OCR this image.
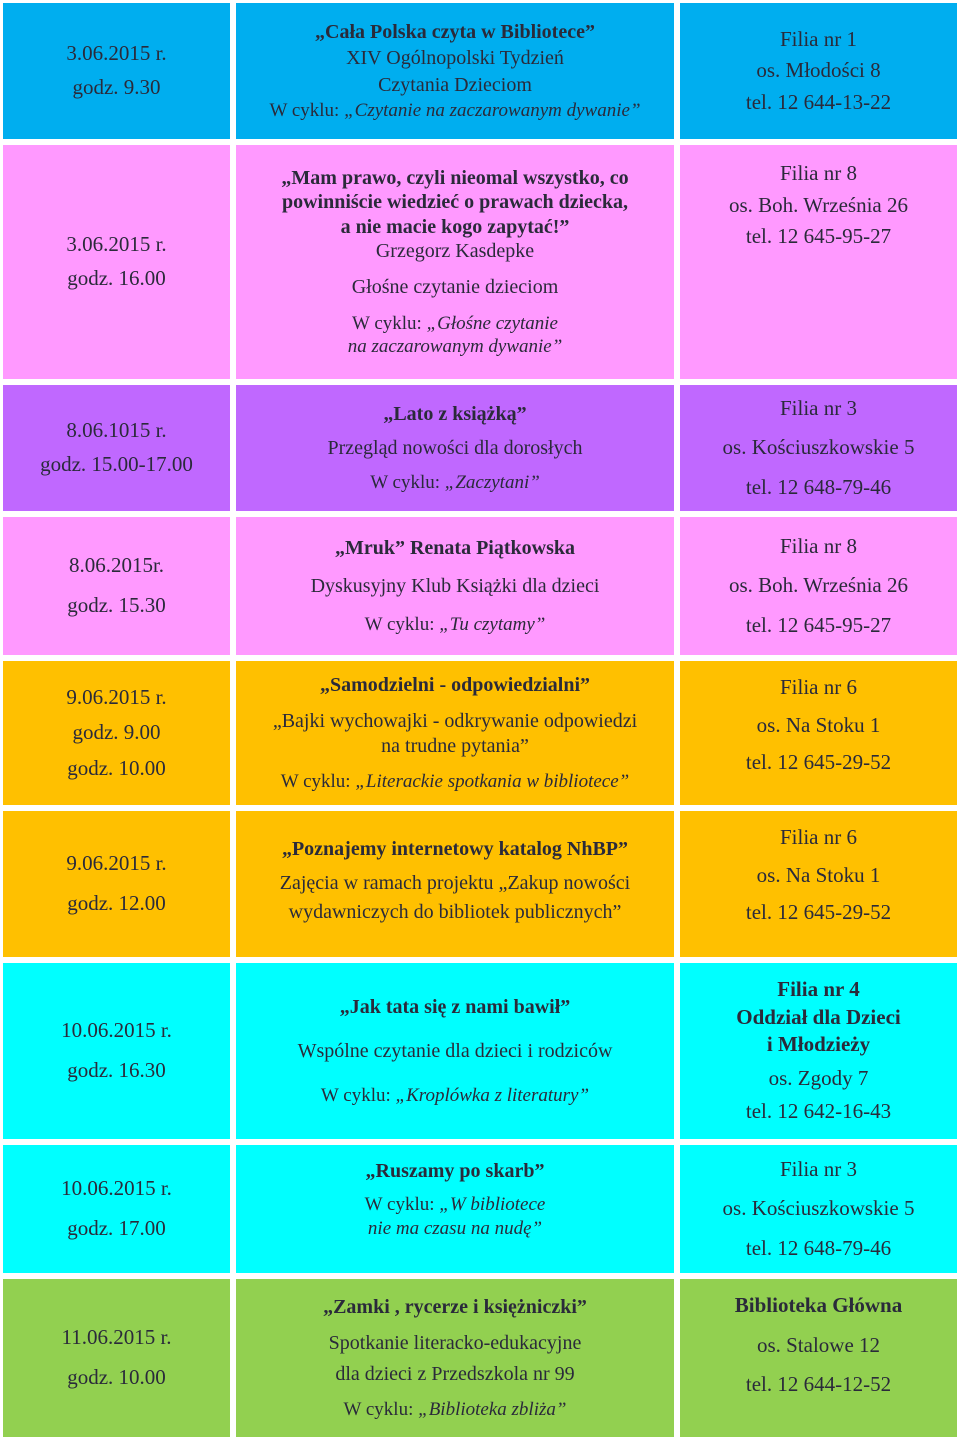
3.06.2015 r.
godz. 9.30
„Cała Polska czyta w Bibliotece”
XIV Ogólnopolski Tydzień
Czytania Dzieciom
W cyklu: „Czytanie na zaczarowanym dywanie”
Filia nr 1
os. Młodości 8
tel. 12 644-13-22
3.06.2015 r.
godz. 16.00
„Mam prawo, czyli nieomal wszystko, co
powinniście wiedzieć o prawach dziecka,
a nie macie kogo zapytać!”
Grzegorz Kasdepke
Głośne czytanie dzieciom
W cyklu: „Głośne czytanie
na zaczarowanym dywanie”
Filia nr 8
os. Boh. Września 26
tel. 12 645-95-27
8.06.1015 r.
godz. 15.00-17.00
„Lato z książką”
Przegląd nowości dla dorosłych
W cyklu: „Zaczytani”
Filia nr 3
os. Kościuszkowskie 5
tel. 12 648-79-46
8.06.2015r.
godz. 15.30
„Mruk” Renata Piątkowska
Dyskusyjny Klub Książki dla dzieci
W cyklu: „Tu czytamy”
Filia nr 8
os. Boh. Września 26
tel. 12 645-95-27
9.06.2015 r.
godz. 9.00
godz. 10.00
„Samodzielni - odpowiedzialni”
„Bajki wychowajki - odkrywanie odpowiedzi
na trudne pytania”
W cyklu: „Literackie spotkania w bibliotece”
Filia nr 6
os. Na Stoku 1
tel. 12 645-29-52
9.06.2015 r.
godz. 12.00
„Poznajemy internetowy katalog NhBP”
Zajęcia w ramach projektu „Zakup nowości
wydawniczych do bibliotek publicznych”
Filia nr 6
os. Na Stoku 1
tel. 12 645-29-52
10.06.2015 r.
godz. 16.30
„Jak tata się z nami bawił”
Wspólne czytanie dla dzieci i rodziców
W cyklu: „Kroplówka z literatury”
Filia nr 4
Oddział dla Dzieci
i Młodzieży
os. Zgody 7
tel. 12 642-16-43
10.06.2015 r.
godz. 17.00
„Ruszamy po skarb”
W cyklu: „W bibliotece
nie ma czasu na nudę”
Filia nr 3
os. Kościuszkowskie 5
tel. 12 648-79-46
11.06.2015 r.
godz. 10.00
„Zamki , rycerze i księżniczki”
Spotkanie literacko-edukacyjne
dla dzieci z Przedszkola nr 99
W cyklu: „Biblioteka zbliża”
Biblioteka Główna
os. Stalowe 12
tel. 12 644-12-52
